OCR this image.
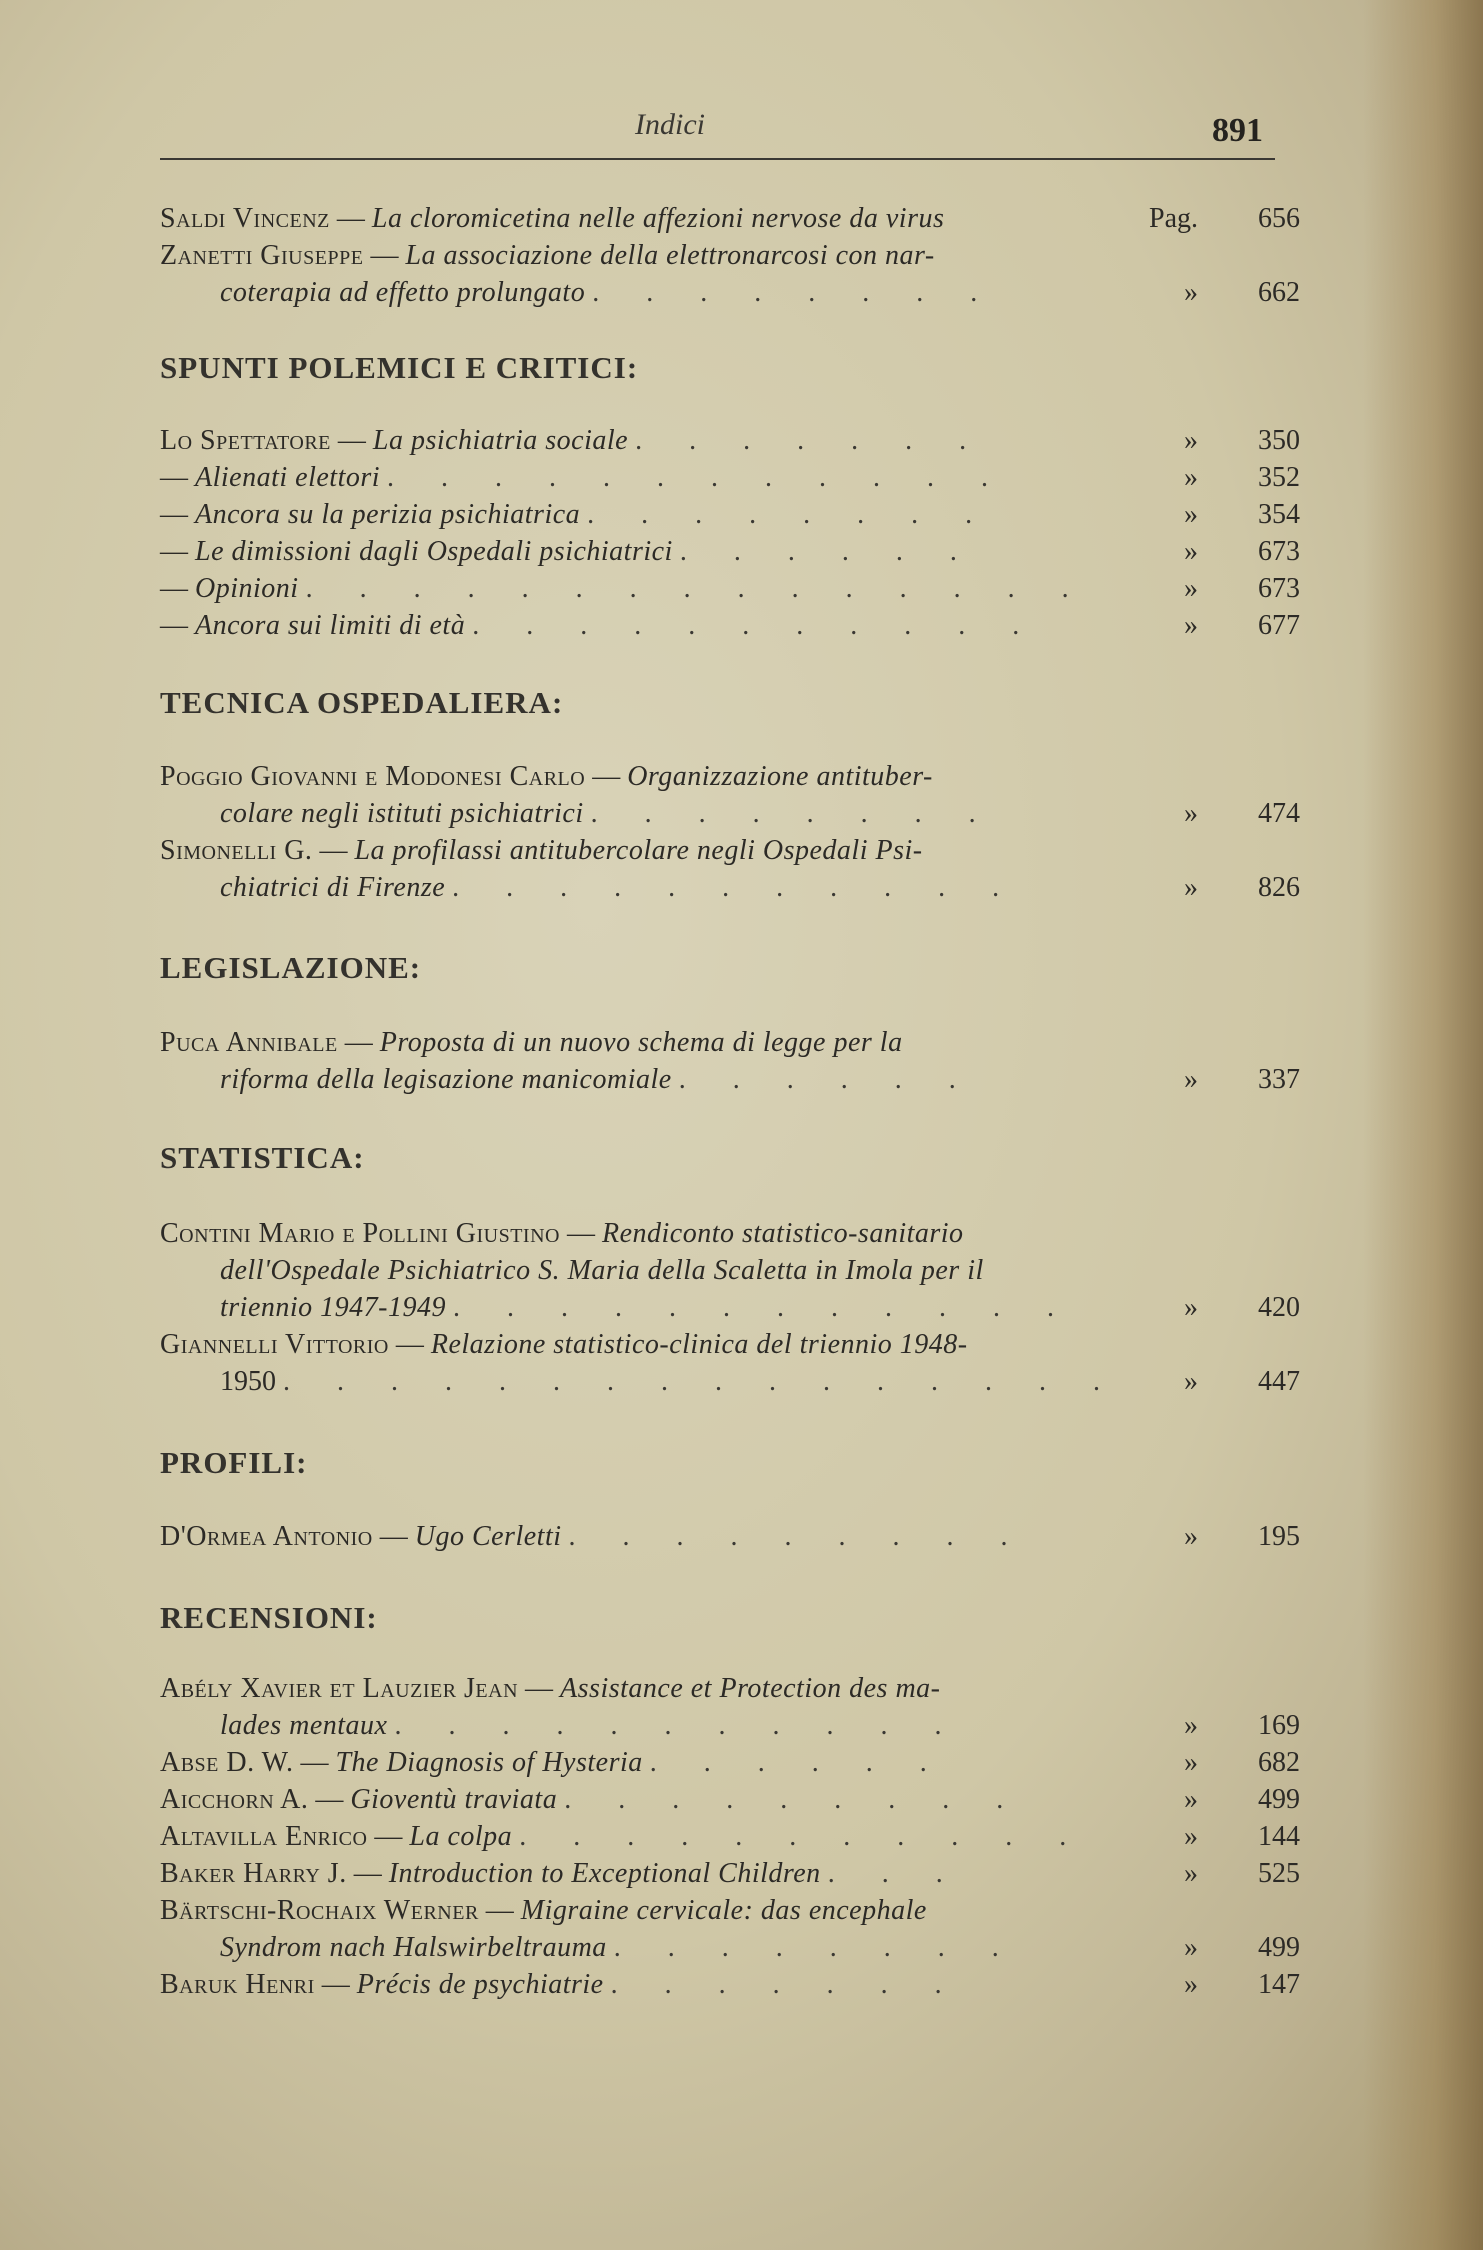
Indici	891
Saldi Vincenz — La cloromicetina nelle affezioni nervose da virus	Pag.	656
Zanetti Giuseppe — La associazione della elettronarcosi con nar-
coterapia ad effetto prolungato . . . . . . . .	»	662
SPUNTI POLEMICI E CRITICI:
Lo Spettatore — La psichiatria sociale . . . . . . .	»	350
— Alienati elettori . . . . . . . . . . . .	»	352
— Ancora su la perizia psichiatrica . . . . . . . .	»	354
— Le dimissioni dagli Ospedali psichiatrici . . . . . .	»	673
— Opinioni . . . . . . . . . . . . . . .	»	673
— Ancora sui limiti di età . . . . . . . . . . .	»	677
TECNICA OSPEDALIERA:
Poggio Giovanni e Modonesi Carlo — Organizzazione antituber-
colare negli istituti psichiatrici . . . . . . . .	»	474
Simonelli G. — La profilassi antitubercolare negli Ospedali Psi-
chiatrici di Firenze . . . . . . . . . . .	»	826
LEGISLAZIONE:
Puca Annibale — Proposta di un nuovo schema di legge per la
riforma della legisazione manicomiale . . . . . .	»	337
STATISTICA:
Contini Mario e Pollini Giustino — Rendiconto statistico-sanitario
dell'Ospedale Psichiatrico S. Maria della Scaletta in Imola per il
triennio 1947-1949 . . . . . . . . . . . .	»	420
Giannelli Vittorio — Relazione statistico-clinica del triennio 1948-
1950 . . . . . . . . . . . . . . . .	»	447
PROFILI:
D'Ormea Antonio — Ugo Cerletti . . . . . . . . .	»	195
RECENSIONI:
Abély Xavier et Lauzier Jean — Assistance et Protection des ma-
lades mentaux . . . . . . . . . . .	»	169
Abse D. W. — The Diagnosis of Hysteria . . . . . .	»	682
Aicchorn A. — Gioventù traviata . . . . . . . . .	»	499
Altavilla Enrico — La colpa . . . . . . . . . . .	»	144
Baker Harry J. — Introduction to Exceptional Children . . .	»	525
Bärtschi-Rochaix Werner — Migraine cervicale: das encephale
Syndrom nach Halswirbeltrauma . . . . . . . .	»	499
Baruk Henri — Précis de psychiatrie . . . . . . .	»	147
